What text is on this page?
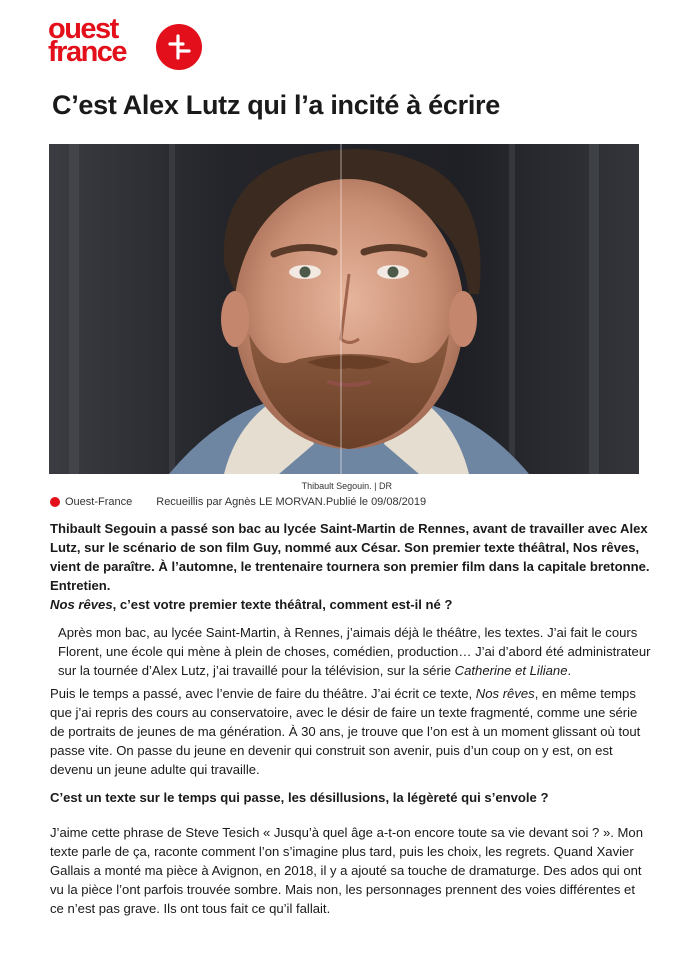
ouest
france
C’est Alex Lutz qui l’a incité à écrire
Thibault Segouin. | DR
Ouest-France Recueillis par Agnès LE MORVAN. Publié le 09/08/2019

Thibault Segouin a passé son bac au lycée Saint-Martin de Rennes, avant de travailler avec Alex Lutz, sur le scénario de son film Guy, nommé aux César. Son premier texte théâtral, Nos rêves, vient de paraître. À l’automne, le trentenaire tournera son premier film dans la capitale bretonne. Entretien.

Nos rêves, c’est votre premier texte théâtral, comment est-il né ?

Après mon bac, au lycée Saint-Martin, à Rennes, j’aimais déjà le théâtre, les textes. J’ai fait le cours Florent, une école qui mène à plein de choses, comédien, production… J’ai d’abord été administrateur sur la tournée d’Alex Lutz, j’ai travaillé pour la télévision, sur la série Catherine et Liliane.

Puis le temps a passé, avec l’envie de faire du théâtre. J’ai écrit ce texte, Nos rêves, en même temps que j’ai repris des cours au conservatoire, avec le désir de faire un texte fragmenté, comme une série de portraits de jeunes de ma génération. À 30 ans, je trouve que l’on est à un moment glissant où tout passe vite. On passe du jeune en devenir qui construit son avenir, puis d’un coup on y est, on est devenu un jeune adulte qui travaille.

C’est un texte sur le temps qui passe, les désillusions, la légèreté qui s’envole ?

J’aime cette phrase de Steve Tesich « Jusqu’à quel âge a-t-on encore toute sa vie devant soi ? ». Mon texte parle de ça, raconte comment l’on s’imagine plus tard, puis les choix, les regrets. Quand Xavier Gallais a monté ma pièce à Avignon, en 2018, il y a ajouté sa touche de dramaturge. Des ados qui ont vu la pièce l’ont parfois trouvée sombre. Mais non, les personnages prennent des voies différentes et ce n’est pas grave. Ils ont tous fait ce qu’il fallait.
